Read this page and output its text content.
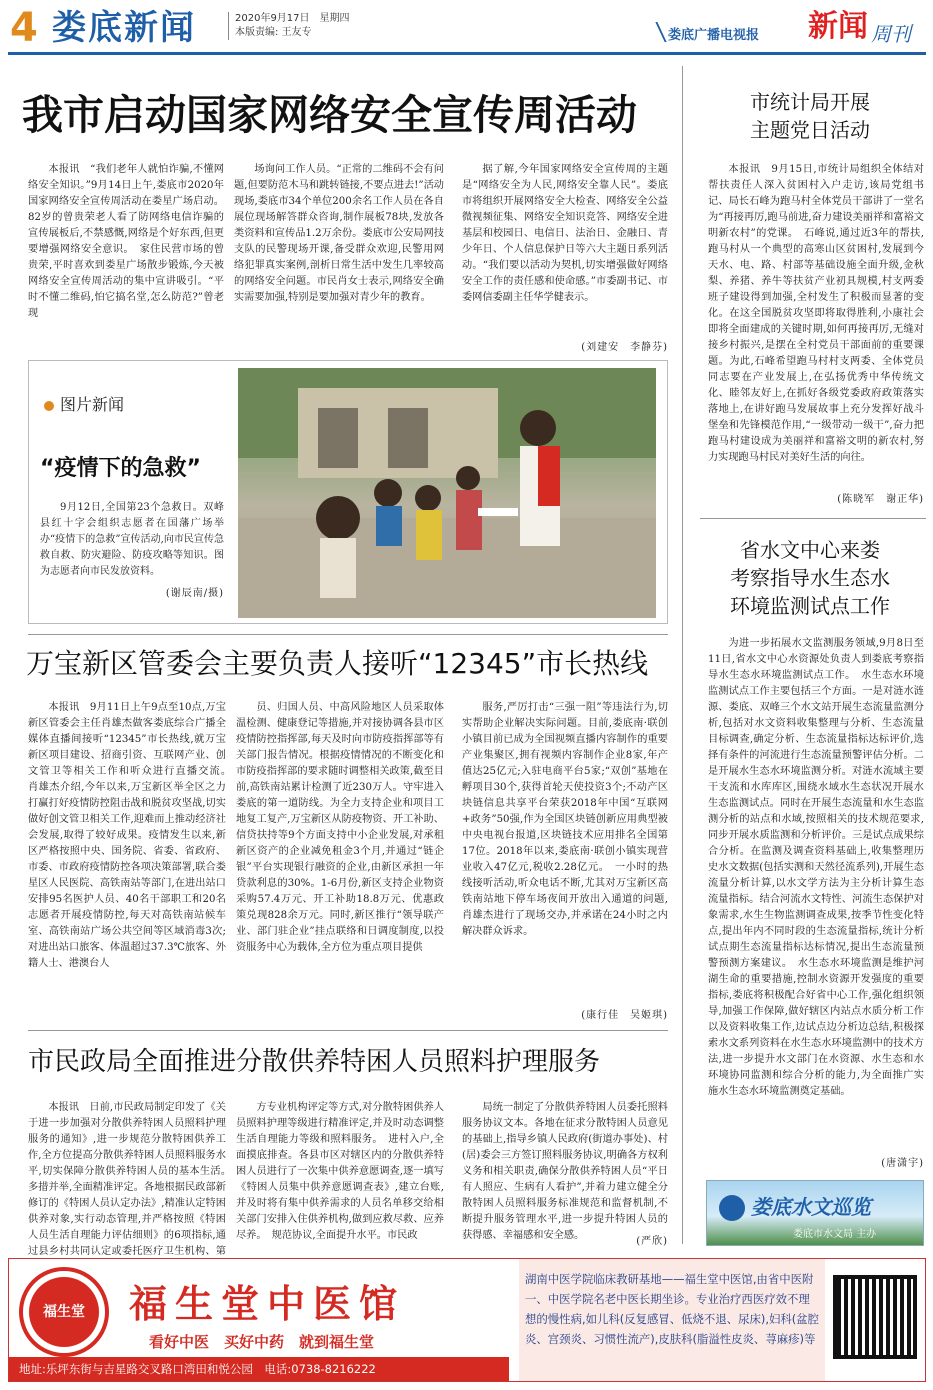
4 娄底新闻	2020年9月17日　星期四
本版责编: 王友专	娄底广播电视报 新闻 周刊
我市启动国家网络安全宣传周活动

本报讯　“我们老年人就怕诈骗,不懂网络安全知识。”9月14日上午,娄底市2020年国家网络安全宣传周活动在娄星广场启动。82岁的曾贵荣老人看了防网络电信诈骗的宣传展板后,不禁感慨,网络是个好东西,但更要增强网络安全意识。　家住民营市场的曾贵荣,平时喜欢到娄星广场散步锻炼,今天被网络安全宣传周活动的集中宣讲吸引。“平时不懂二维码,怕它搞名堂,怎么防范?”曾老现

场询问工作人员。“正常的二维码不会有问题,但要防范木马和跳转链接,不要点进去!”活动现场,娄底市34个单位200余名工作人员在各自展位现场解答群众咨询,制作展板78块,发放各类资料和宣传品1.2万余份。娄底市公安局网技支队的民警现场开课,备受群众欢迎,民警用网络犯罪真实案例,剖析日常生活中发生几率较高的网络安全问题。市民肖女士表示,网络安全确实需要加强,特别是要加强对青少年的教育。

据了解,今年国家网络安全宣传周的主题是“网络安全为人民,网络安全靠人民”。娄底市将组织开展网络安全大检查、网络安全公益微视频征集、网络安全知识竞答、网络安全进基层和校园日、电信日、法治日、金融日、青少年日、个人信息保护日等六大主题日系列活动。“我们要以活动为契机,切实增强做好网络安全工作的责任感和使命感。”市委副书记、市委网信委副主任华学健表示。

(刘建安　李静芬)
图片新闻
“疫情下的急救”

9月12日,全国第23个急救日。双峰县红十字会组织志愿者在国藩广场举办“疫情下的急救”宣传活动,向市民宣传急救自救、防灾避险、防疫攻略等知识。图为志愿者向市民发放资料。

(谢辰南/摄)
万宝新区管委会主要负责人接听“12345”市长热线

本报讯　9月11日上午9点至10点,万宝新区管委会主任肖雄杰做客娄底综合广播全媒体直播间接听“12345”市长热线,就万宝新区项目建设、招商引资、互联网产业、创文管卫等相关工作和听众进行直播交流。　肖雄杰介绍,今年以来,万宝新区举全区之力打赢打好疫情防控阻击战和脱贫攻坚战,切实做好创文管卫相关工作,迎难而上推动经济社会发展,取得了较好成果。疫情发生以来,新区严格按照中央、国务院、省委、省政府、市委、市政府疫情防控各项决策部署,联合娄星区人民医院、高铁南站等部门,在进出站口安排95名医护人员、40名干部职工和20名志愿者开展疫情防控,每天对高铁南站候车室、高铁南站广场公共空间等区域消毒3次;对进出站口旅客、体温超过37.3℃旅客、外籍人士、港澳台人

员、归国人员、中高风险地区人员采取体温检测、健康登记等措施,并对接协调各县市区疫情防控指挥部,每天及时向市防疫指挥部等有关部门报告情况。根据疫情情况的不断变化和市防疫指挥部的要求随时调整相关政策,截至目前,高铁南站累计检测了近230万人。守牢进入娄底的第一道防线。为全力支持企业和项目工地复工复产,万宝新区从防疫物资、开工补助、信贷扶持等9个方面支持中小企业发展,对承租新区资产的企业减免租金3个月,并通过“链企银”平台实现银行融资的企业,由新区承担一年贷款利息的30%。1-6月份,新区支持企业物资采购57.4万元、开工补助18.8万元、优惠政策兑现828余万元。同时,新区推行“领导联产业、部门驻企业”挂点联络和日调度制度,以投资服务中心为载体,全方位为重点项目提供

服务,严厉打击“三强一阻”等违法行为,切实帮助企业解决实际问题。目前,娄底南·联创小镇目前已成为全国视频直播内容制作的重要产业集聚区,拥有视频内容制作企业8家,年产值达25亿元;入驻电商平台5家;“双创”基地在孵项目30个,获得首轮天使投资3个;不动产区块链信息共享平台荣获2018年中国“互联网+政务”50强,作为全国区块链创新应用典型被中央电视台报道,区块链技术应用排名全国第17位。2018年以来,娄底南·联创小镇实现营业收入47亿元,税收2.28亿元。　一小时的热线接听活动,听众电话不断,尤其对万宝新区高铁南站地下停车场夜间开放出入通道的问题,肖雄杰进行了现场交办,并承诺在24小时之内解决群众诉求。

(康行佳　吴姬琪)
市民政局全面推进分散供养特困人员照料护理服务

本报讯　日前,市民政局制定印发了《关于进一步加强对分散供养特困人员照料护理服务的通知》,进一步规范分散特困供养工作,全方位提高分散供养特困人员照料服务水平,切实保障分散供养特困人员的基本生活。　多措并举,全面精准评定。各地根据民政部新修订的《特困人员认定办法》,精准认定特困供养对象,实行动态管理,并严格按照《特困人员生活自理能力评估细则》的6项指标,通过县乡村共同认定或委托医疗卫生机构、第

方专业机构评定等方式,对分散特困供养人员照料护理等级进行精准评定,并及时动态调整生活自理能力等级和照料服务。　进村入户,全面摸底排查。各县市区对辖区内的分散供养特困人员进行了一次集中供养意愿调查,逐一填写《特困人员集中供养意愿调查表》,建立台账,并及时将有集中供养需求的人员名单移交给相关部门安排入住供养机构,做到应救尽救、应养尽养。　规范协议,全面提升水平。市民政

局统一制定了分散供养特困人员委托照料服务协议文本。各地在征求分散特困人员意见的基础上,指导乡镇人民政府(街道办事处)、村(居)委会三方签订照料服务协议,明确各方权利义务和相关职责,确保分散供养特困人员“平日有人照应、生病有人看护”,并着力建立健全分散特困人员照料服务标准规范和监督机制,不断提升服务管理水平,进一步提升特困人员的获得感、幸福感和安全感。

(严欣)
市统计局开展
主题党日活动

本报讯　9月15日,市统计局组织全体结对帮扶责任人深入贫困村入户走访,该局党组书记、局长石峰为跑马村全体党员干部讲了一堂名为“再接再厉,跑马前进,奋力建设美丽祥和富裕文明新农村”的党课。　石峰说,通过近3年的帮扶,跑马村从一个典型的高寒山区贫困村,发展到今天水、电、路、村部等基础设施全面升级,金秋梨、养猪、养牛等扶贫产业初具规模,村支两委班子建设得到加强,全村发生了积极而显著的变化。在这全国脱贫攻坚即将取得胜利,小康社会即将全面建成的关键时期,如何再接再厉,无缝对接乡村振兴,是摆在全村党员干部面前的重要课题。为此,石峰希望跑马村村支两委、全体党员同志要在产业发展上,在弘扬优秀中华传统文化、睦邻友好上,在抓好各级党委政府政策落实落地上,在讲好跑马发展故事上充分发挥好战斗堡垒和先锋模范作用,“一级带动一级干”,奋力把跑马村建设成为美丽祥和富裕文明的新农村,努力实现跑马村民对美好生活的向往。

(陈晓军　谢正华)
省水文中心来娄
考察指导水生态水
环境监测试点工作

为进一步拓展水文监测服务领域,9月8日至11日,省水文中心水资源处负责人到娄底考察指导水生态水环境监测试点工作。　水生态水环境监测试点工作主要包括三个方面。一是对涟水涟源、娄底、双峰三个水文站开展生态流量监测分析,包括对水文资料收集整理与分析、生态流量目标调查,确定分析、生态流量指标达标评价,选择有条件的河流进行生态流量预警评估分析。二是开展水生态水环境监测分析。对涟水流域主要干支流和水库库区,围绕水域水生态状况开展水生态监测试点。同时在开展生态流量和水生态监测分析的站点和水域,按照相关的技术规范要求,同步开展水质监测和分析评价。三是试点成果综合分析。在监测及调查资料基础上,收集整理历史水文数据(包括实测和天然径流系列),开展生态流量分析计算,以水文学方法为主分析计算生态流量指标。结合河流水文特性、河流生态保护对象需求,水生生物监测调查成果,按季节性变化特点,提出年内不同时段的生态流量指标,统计分析试点期生态流量指标达标情况,提出生态流量预警预测方案建议。　水生态水环境监测是维护河湖生命的重要措施,控制水资源开发强度的重要指标,娄底将积极配合好省中心工作,强化组织领导,加强工作保障,做好辖区内站点水质分析工作以及资料收集工作,边试点边分析边总结,积极探索水文系列资料在水生态水环境监测中的技术方法,进一步提升水文部门在水资源、水生态和水环境协同监测和综合分析的能力,为全面推广实施水生态水环境监测奠定基础。

(唐潇宇)
娄底水文巡览
娄底市水文局 主办
福生堂	福生堂中医馆
看好中医　买好中药　就到福生堂
地址:乐坪东街与吉星路交叉路口湾田和悦公园　电话:0738-8216222
湖南中医学院临床教研基地——福生堂中医馆,由省中医附一、中医学院名老中医长期坐诊。专业治疗西医疗效不理想的慢性病,如儿科(反复感冒、低烧不退、尿床),妇科(盆腔炎、宫颈炎、习惯性流产),皮肤科(脂溢性皮炎、荨麻疹)等
